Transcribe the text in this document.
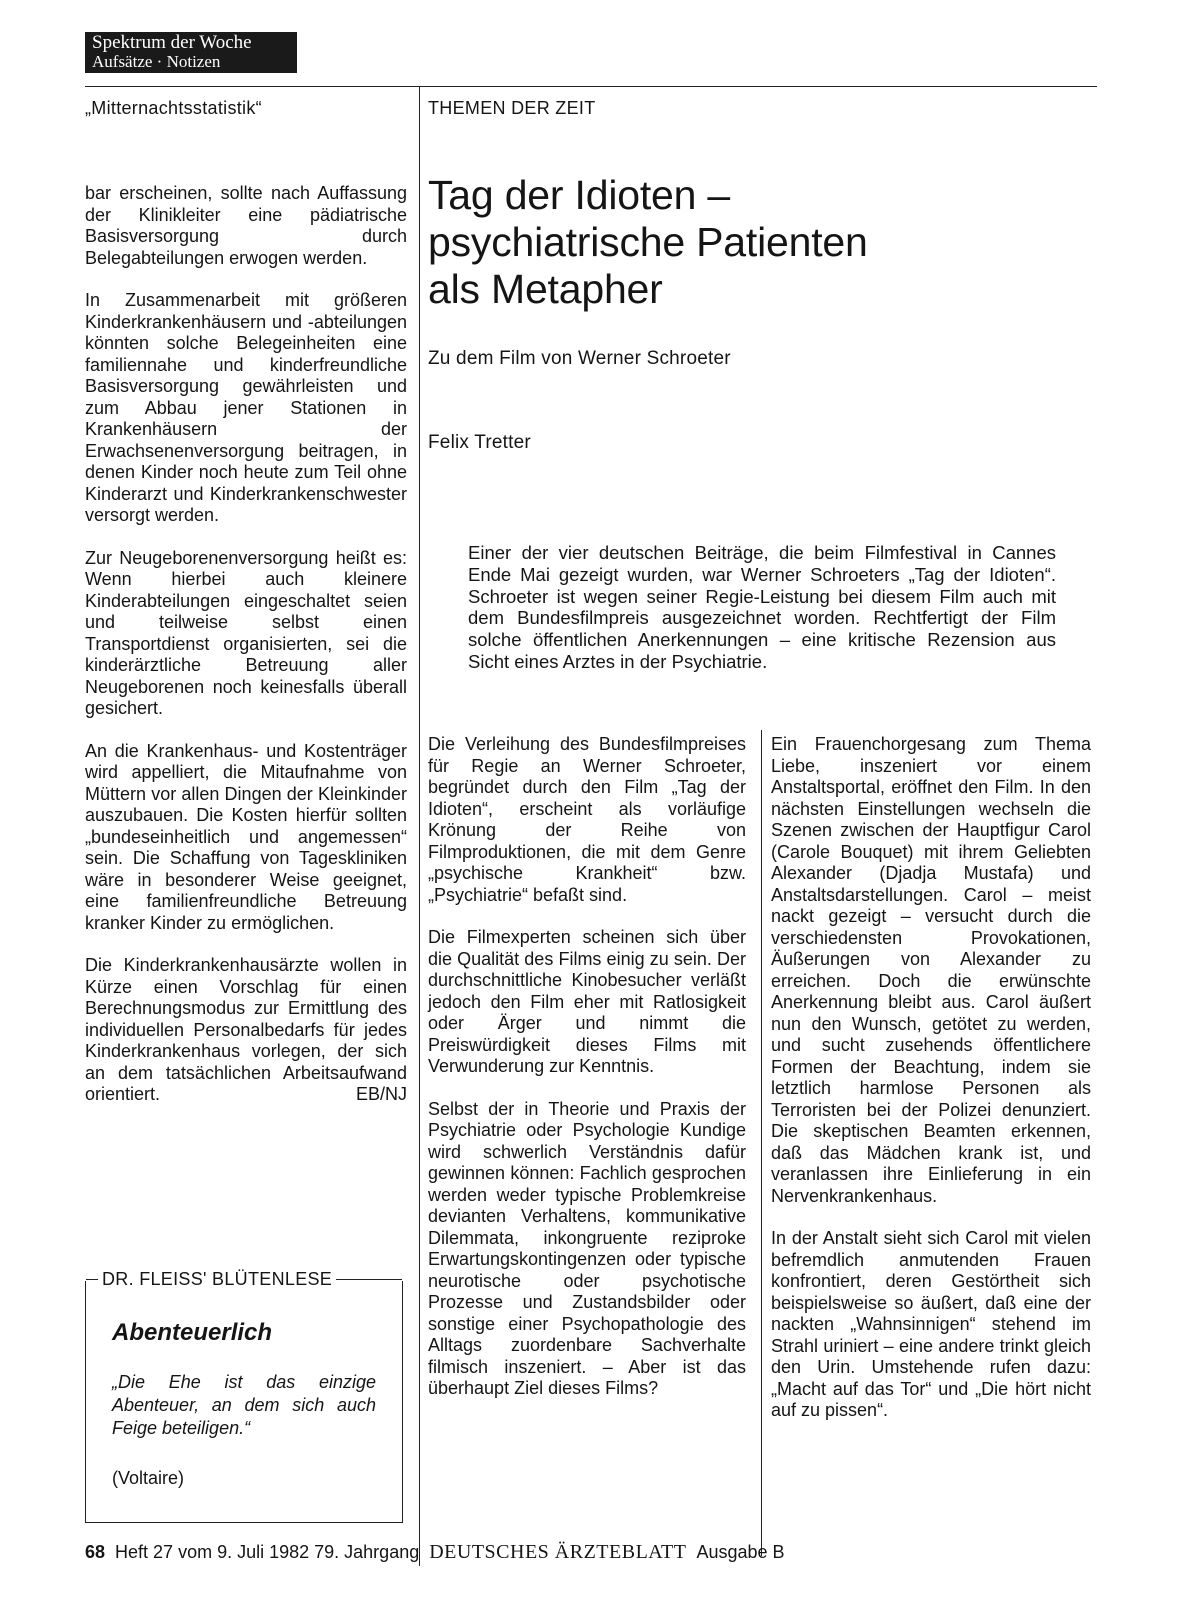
Spektrum der Woche
Aufsätze · Notizen
„Mitternachtsstatistik“	THEMEN DER ZEIT

bar erscheinen, sollte nach Auffassung der Klinikleiter eine pädiatrische Basisversorgung durch Belegabteilungen erwogen werden.

In Zusammenarbeit mit größeren Kinderkrankenhäusern und -abteilungen könnten solche Belegeinheiten eine familiennahe und kinderfreundliche Basisversorgung gewährleisten und zum Abbau jener Stationen in Krankenhäusern der Erwachsenenversorgung beitragen, in denen Kinder noch heute zum Teil ohne Kinderarzt und Kinderkrankenschwester versorgt werden.

Zur Neugeborenenversorgung heißt es: Wenn hierbei auch kleinere Kinderabteilungen eingeschaltet seien und teilweise selbst einen Transportdienst organisierten, sei die kinderärztliche Betreuung aller Neugeborenen noch keinesfalls überall gesichert.

An die Krankenhaus- und Kostenträger wird appelliert, die Mitaufnahme von Müttern vor allen Dingen der Kleinkinder auszubauen. Die Kosten hierfür sollten „bundeseinheitlich und angemessen“ sein. Die Schaffung von Tageskliniken wäre in besonderer Weise geeignet, eine familienfreundliche Betreuung kranker Kinder zu ermöglichen.

Die Kinderkrankenhausärzte wollen in Kürze einen Vorschlag für einen Berechnungsmodus zur Ermittlung des individuellen Personalbedarfs für jedes Kinderkrankenhaus vorlegen, der sich an dem tatsächlichen Arbeitsaufwand orientiert.	EB/NJ

DR. FLEISS' BLÜTENLESE
Abenteuerlich
„Die Ehe ist das einzige Abenteuer, an dem sich auch Feige beteiligen.“
(Voltaire)
Tag der Idioten –
psychiatrische Patienten
als Metapher
Zu dem Film von Werner Schroeter
Felix Tretter
Einer der vier deutschen Beiträge, die beim Filmfestival in Cannes Ende Mai gezeigt wurden, war Werner Schroeters „Tag der Idioten“. Schroeter ist wegen seiner Regie-Leistung bei diesem Film auch mit dem Bundesfilmpreis ausgezeichnet worden. Rechtfertigt der Film solche öffentlichen Anerkennungen – eine kritische Rezension aus Sicht eines Arztes in der Psychiatrie.

Die Verleihung des Bundesfilmpreises für Regie an Werner Schroeter, begründet durch den Film „Tag der Idioten“, erscheint als vorläufige Krönung der Reihe von Filmproduktionen, die mit dem Genre „psychische Krankheit“ bzw. „Psychiatrie“ befaßt sind.

Die Filmexperten scheinen sich über die Qualität des Films einig zu sein. Der durchschnittliche Kinobesucher verläßt jedoch den Film eher mit Ratlosigkeit oder Ärger und nimmt die Preiswürdigkeit dieses Films mit Verwunderung zur Kenntnis.

Selbst der in Theorie und Praxis der Psychiatrie oder Psychologie Kundige wird schwerlich Verständnis dafür gewinnen können: Fachlich gesprochen werden weder typische Problemkreise devianten Verhaltens, kommunikative Dilemmata, inkongruente reziproke Erwartungskontingenzen oder typische neurotische oder psychotische Prozesse und Zustandsbilder oder sonstige einer Psychopathologie des Alltags zuordenbare Sachverhalte filmisch inszeniert. – Aber ist das überhaupt Ziel dieses Films?

Ein Frauenchorgesang zum Thema Liebe, inszeniert vor einem Anstaltsportal, eröffnet den Film. In den nächsten Einstellungen wechseln die Szenen zwischen der Hauptfigur Carol (Carole Bouquet) mit ihrem Geliebten Alexander (Djadja Mustafa) und Anstaltsdarstellungen. Carol – meist nackt gezeigt – versucht durch die verschiedensten Provokationen, Äußerungen von Alexander zu erreichen. Doch die erwünschte Anerkennung bleibt aus. Carol äußert nun den Wunsch, getötet zu werden, und sucht zusehends öffentlichere Formen der Beachtung, indem sie letztlich harmlose Personen als Terroristen bei der Polizei denunziert. Die skeptischen Beamten erkennen, daß das Mädchen krank ist, und veranlassen ihre Einlieferung in ein Nervenkrankenhaus.

In der Anstalt sieht sich Carol mit vielen befremdlich anmutenden Frauen konfrontiert, deren Gestörtheit sich beispielsweise so äußert, daß eine der nackten „Wahnsinnigen“ stehend im Strahl uriniert – eine andere trinkt gleich den Urin. Umstehende rufen dazu: „Macht auf das Tor“ und „Die hört nicht auf zu pissen“.

68 Heft 27 vom 9. Juli 1982 79. Jahrgang DEUTSCHES ÄRZTEBLATT Ausgabe B
